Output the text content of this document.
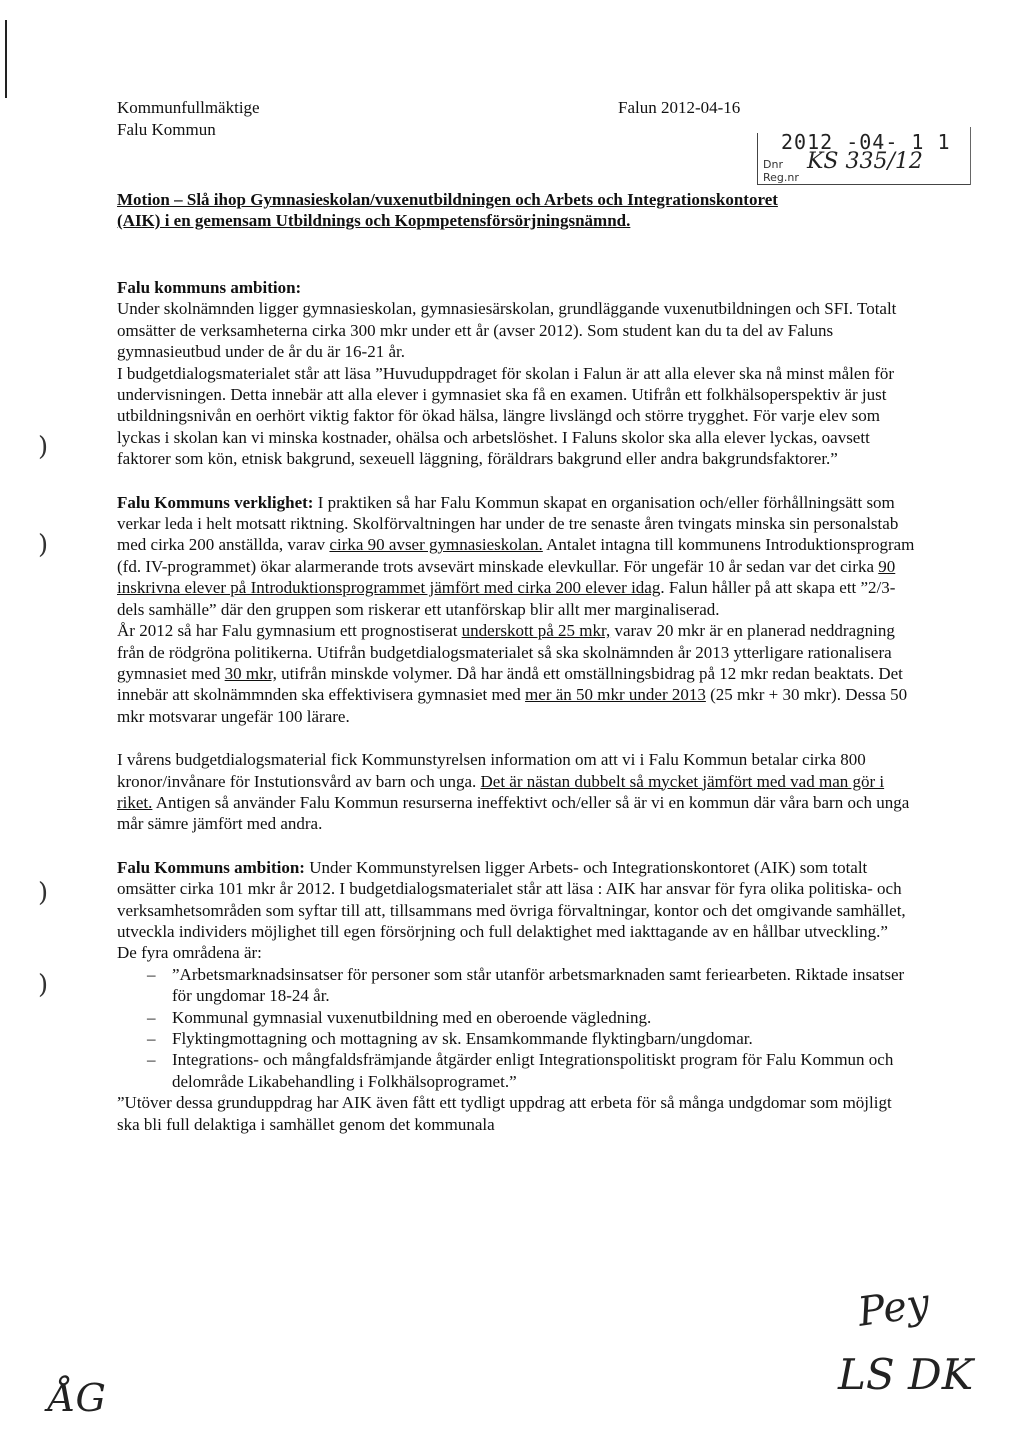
Kommunfullmäktige
Falu Kommun
Falun 2012-04-16
2012 -04- 1 1
Dnr
Reg.nr
KS 335/12
Motion – Slå ihop Gymnasieskolan/vuxenutbildningen och Arbets och Integrationskontoret
(AIK) i en gemensam Utbildnings och Kopmpetensförsörjningsnämnd.

Falu kommuns ambition:

Under skolnämnden ligger gymnasieskolan, gymnasiesärskolan, grundläggande vuxenutbildningen och SFI. Totalt omsätter de verksamheterna cirka 300 mkr under ett år (avser 2012). Som student kan du ta del av Faluns gymnasieutbud under de år du är 16-21 år.

I budgetdialogsmaterialet står att läsa ”Huvuduppdraget för skolan i Falun är att alla elever ska nå minst målen för undervisningen. Detta innebär att alla elever i gymnasiet ska få en examen. Utifrån ett folkhälsoperspektiv är just utbildningsnivån en oerhört viktig faktor för ökad hälsa, längre livslängd och större trygghet. För varje elev som lyckas i skolan kan vi minska kostnader, ohälsa och arbetslöshet. I Faluns skolor ska alla elever lyckas, oavsett faktorer som kön, etnisk bakgrund, sexeuell läggning, föräldrars bakgrund eller andra bakgrundsfaktorer.”

Falu Kommuns verklighet: I praktiken så har Falu Kommun skapat en organisation och/eller förhållningsätt som verkar leda i helt motsatt riktning. Skolförvaltningen har under de tre senaste åren tvingats minska sin personalstab med cirka 200 anställda, varav cirka 90 avser gymnasieskolan. Antalet intagna till kommunens Introduktionsprogram (fd. IV-programmet) ökar alarmerande trots avsevärt minskade elevkullar. För ungefär 10 år sedan var det cirka 90 inskrivna elever på Introduktionsprogrammet jämfört med cirka 200 elever idag. Falun håller på att skapa ett ”2/3-dels samhälle” där den gruppen som riskerar ett utanförskap blir allt mer marginaliserad.

År 2012 så har Falu gymnasium ett prognostiserat underskott på 25 mkr, varav 20 mkr är en planerad neddragning från de rödgröna politikerna. Utifrån budgetdialogsmaterialet så ska skolnämnden år 2013 ytterligare rationalisera gymnasiet med 30 mkr, utifrån minskde volymer. Då har ändå ett omställningsbidrag på 12 mkr redan beaktats. Det innebär att skolnämmnden ska effektivisera gymnasiet med mer än 50 mkr under 2013 (25 mkr + 30 mkr). Dessa 50 mkr motsvarar ungefär 100 lärare.

I vårens budgetdialogsmaterial fick Kommunstyrelsen information om att vi i Falu Kommun betalar cirka 800 kronor/invånare för Instutionsvård av barn och unga. Det är nästan dubbelt så mycket jämfört med vad man gör i riket. Antigen så använder Falu Kommun resurserna ineffektivt och/eller så är vi en kommun där våra barn och unga mår sämre jämfört med andra.

Falu Kommuns ambition: Under Kommunstyrelsen ligger Arbets- och Integrationskontoret (AIK) som totalt omsätter cirka 101 mkr år 2012. I budgetdialogsmaterialet står att läsa : AIK har ansvar för fyra olika politiska- och verksamhetsområden som syftar till att, tillsammans med övriga förvaltningar, kontor och det omgivande samhället, utveckla individers möjlighet till egen försörjning och full delaktighet med iakttagande av en hållbar utveckling.”

De fyra områdena är:

– ”Arbetsmarknadsinsatser för personer som står utanför arbetsmarknaden samt feriearbeten. Riktade insatser för ungdomar 18-24 år.
– Kommunal gymnasial vuxenutbildning med en oberoende vägledning.
– Flyktingmottagning och mottagning av sk. Ensamkommande flyktingbarn/ungdomar.
– Integrations- och mångfaldsfrämjande åtgärder enligt Integrationspolitiskt program för Falu Kommun och delområde Likabehandling i Folkhälsoprogramet.”

”Utöver dessa grunduppdrag har AIK även fått ett tydligt uppdrag att erbeta för så många undgdomar som möjligt ska bli full delaktiga i samhället genom det kommunala

)
)
)
)
ÅG
Pey
LS DK
